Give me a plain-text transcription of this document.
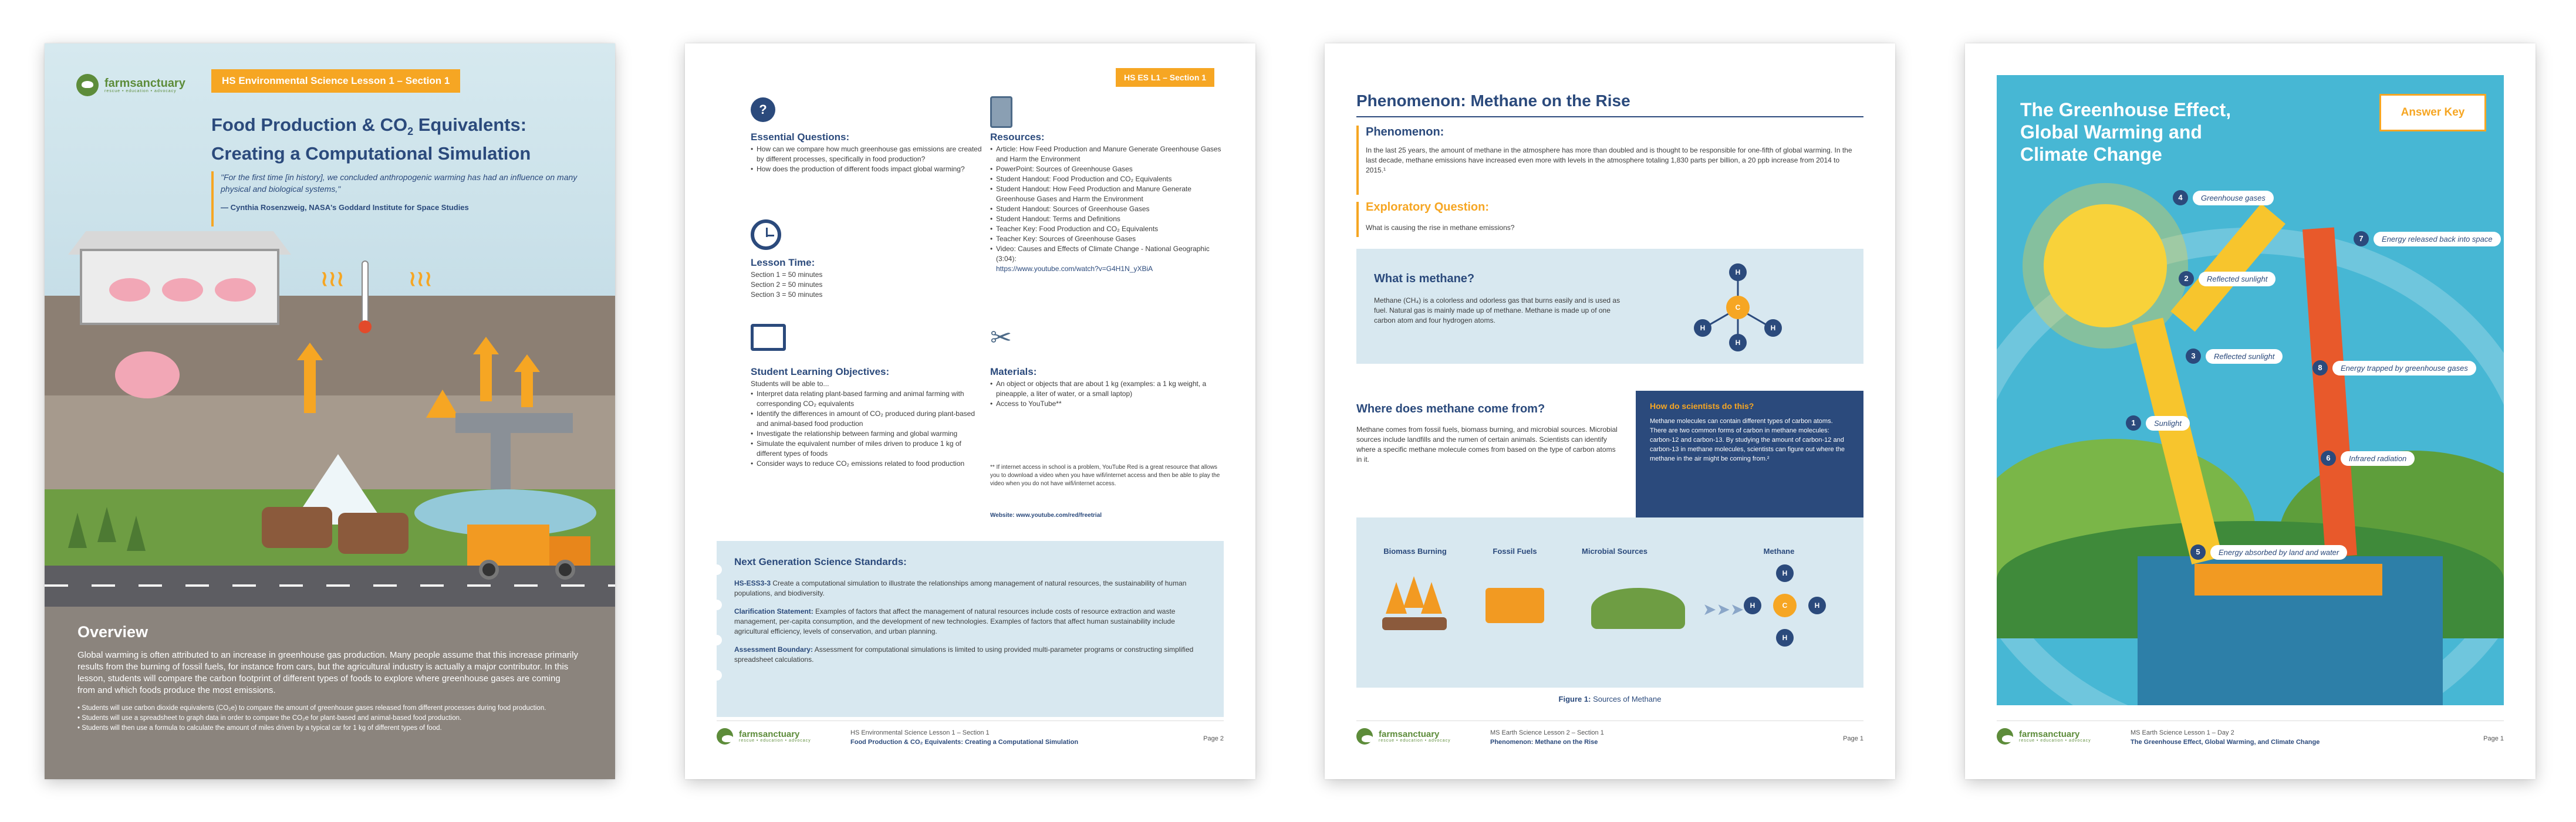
farmsanctuary
rescue • education • advocacy
HS Environmental Science Lesson 1 – Section 1
Food Production & $CO_2$ Equivalents:
Creating a Computational Simulation
"For the first time [in history], we concluded anthropogenic warming has had an influence on many physical and biological systems,"
— Cynthia Rosenzweig, NASA's Goddard Institute for Space Studies
≀≀≀	≀≀≀
Overview
Global warming is often attributed to an increase in greenhouse gas production. Many people assume that this increase primarily results from the burning of fossil fuels, for instance from cars, but the agricultural industry is actually a major contributor. In this lesson, students will compare the carbon footprint of different types of foods to explore where greenhouse gases are coming from and which foods produce the most emissions.
• Students will use carbon dioxide equivalents (CO₂e) to compare the amount of greenhouse gases released from different processes during food production.
• Students will use a spreadsheet to graph data in order to compare the CO₂e for plant-based and animal-based food production.
• Students will then use a formula to calculate the amount of miles driven by a typical car for 1 kg of different types of food.
HS ES L1 – Section 1
?
Essential Questions:
• How can we compare how much greenhouse gas emissions are created by different processes, specifically in food production?
• How does the production of different foods impact global warming?
Lesson Time:
Section 1 = 50 minutes
Section 2 = 50 minutes
Section 3 = 50 minutes
Student Learning Objectives:
Students will be able to...
• Interpret data relating plant-based farming and animal farming with corresponding CO₂ equivalents
• Identify the differences in amount of CO₂ produced during plant-based and animal-based food production
• Investigate the relationship between farming and global warming
• Simulate the equivalent number of miles driven to produce 1 kg of different types of foods
• Consider ways to reduce CO₂ emissions related to food production
Resources:
• Article: How Feed Production and Manure Generate Greenhouse Gases and Harm the Environment
• PowerPoint: Sources of Greenhouse Gases
• Student Handout: Food Production and CO₂ Equivalents
• Student Handout: How Feed Production and Manure Generate Greenhouse Gases and Harm the Environment
• Student Handout: Sources of Greenhouse Gases
• Student Handout: Terms and Definitions
• Teacher Key: Food Production and CO₂ Equivalents
• Teacher Key: Sources of Greenhouse Gases
• Video: Causes and Effects of Climate Change - National Geographic (3:04):
https://www.youtube.com/watch?v=G4H1N_yXBiA
✂
Materials:
• An object or objects that are about 1 kg (examples: a 1 kg weight, a pineapple, a liter of water, or a small laptop)
• Access to YouTube**
** If internet access in school is a problem, YouTube Red is a great resource that allows you to download a video when you have wifi/internet access and then be able to play the video when you do not have wifi/internet access.
Website: www.youtube.com/red/freetrial
Next Generation Science Standards:
HS-ESS3-3 Create a computational simulation to illustrate the relationships among management of natural resources, the sustainability of human populations, and biodiversity.
Clarification Statement: Examples of factors that affect the management of natural resources include costs of resource extraction and waste management, per-capita consumption, and the development of new technologies. Examples of factors that affect human sustainability include agricultural efficiency, levels of conservation, and urban planning.
Assessment Boundary: Assessment for computational simulations is limited to using provided multi-parameter programs or constructing simplified spreadsheet calculations.
farmsanctuary
rescue • education • advocacy
HS Environmental Science Lesson 1 – Section 1
Food Production & CO₂ Equivalents: Creating a Computational Simulation	Page 2
Phenomenon: Methane on the Rise
Phenomenon:
In the last 25 years, the amount of methane in the atmosphere has more than doubled and is thought to be responsible for one-fifth of global warming. In the last decade, methane emissions have increased even more with levels in the atmosphere totaling 1,830 parts per billion, a 20 ppb increase from 2014 to 2015.¹
Exploratory Question:
What is causing the rise in methane emissions?
What is methane?
Methane (CH₄) is a colorless and odorless gas that burns easily and is used as fuel. Natural gas is mainly made up of methane. Methane is made up of one carbon atom and four hydrogen atoms.
H
H
H	H
C
Where does methane come from?
Methane comes from fossil fuels, biomass burning, and microbial sources. Microbial sources include landfills and the rumen of certain animals. Scientists can identify where a specific methane molecule comes from based on the type of carbon atoms in it.
How do scientists do this?

Methane molecules can contain different types of carbon atoms. There are two common forms of carbon in methane molecules: carbon-12 and carbon-13. By studying the amount of carbon-12 and carbon-13 in methane molecules, scientists can figure out where the methane in the air might be coming from.²

Biomass Burning	Fossil Fuels	Microbial Sources	Methane
➤➤➤
H
H
H	H
C
Figure 1: Sources of Methane
farmsanctuary
rescue • education • advocacy
MS Earth Science Lesson 2 – Section 1
Phenomenon: Methane on the Rise	Page 1
The Greenhouse Effect, Global Warming and Climate Change
Answer Key
4	Greenhouse gases
7	Energy released back into space
2	Reflected sunlight
3	Reflected sunlight
8	Energy trapped by greenhouse gases
1	Sunlight
6	Infrared radiation
5	Energy absorbed by land and water
farmsanctuary
rescue • education • advocacy
MS Earth Science Lesson 1 – Day 2
The Greenhouse Effect, Global Warming, and Climate Change	Page 1
